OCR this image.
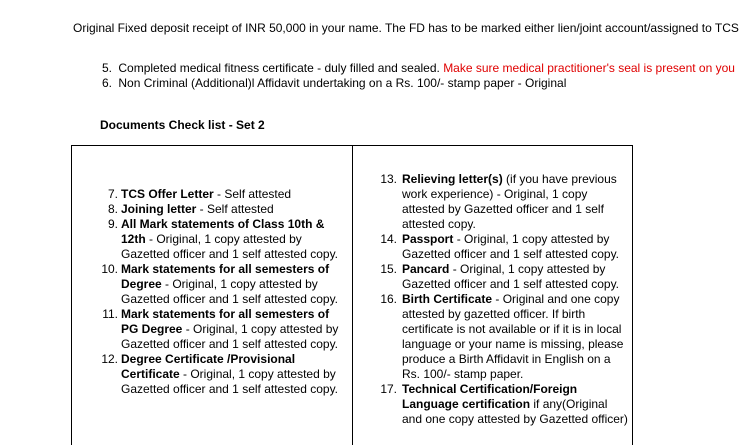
Original Fixed deposit receipt of INR 50,000 in your name. The FD has to be marked either lien/joint account/assigned to TCS
5. Completed medical fitness certificate - duly filled and sealed. Make sure medical practitioner's seal is present on you
6. Non Criminal (Additional)l Affidavit undertaking on a Rs. 100/- stamp paper - Original
Documents Check list - Set 2
7. TCS Offer Letter - Self attested
8. Joining letter - Self attested
9. All Mark statements of Class 10th & 12th - Original, 1 copy attested by Gazetted officer and 1 self attested copy.
10. Mark statements for all semesters of Degree - Original, 1 copy attested by Gazetted officer and 1 self attested copy.
11. Mark statements for all semesters of PG Degree - Original, 1 copy attested by Gazetted officer and 1 self attested copy.
12. Degree Certificate /Provisional Certificate - Original, 1 copy attested by Gazetted officer and 1 self attested copy.
13. Relieving letter(s) (if you have previous work experience) - Original, 1 copy attested by Gazetted officer and 1 self attested copy.
14. Passport - Original, 1 copy attested by Gazetted officer and 1 self attested copy.
15. Pancard - Original, 1 copy attested by Gazetted officer and 1 self attested copy.
16. Birth Certificate - Original and one copy attested by gazetted officer. If birth certificate is not available or if it is in local language or your name is missing, please produce a Birth Affidavit in English on a Rs. 100/- stamp paper.
17. Technical Certification/Foreign Language certification if any(Original and one copy attested by Gazetted officer)
